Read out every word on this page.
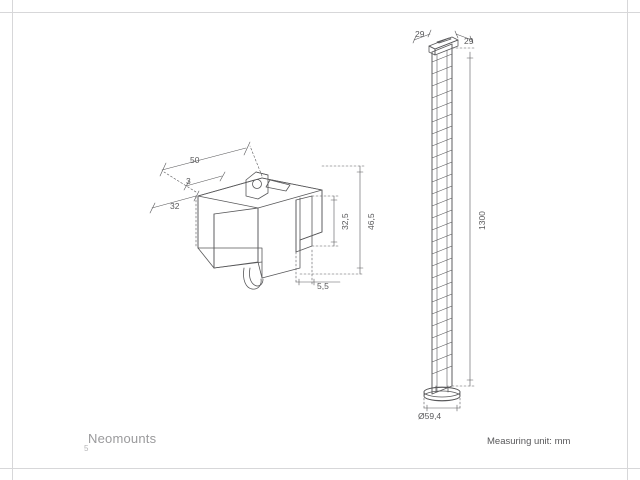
50
3
32
46,5
32,5
5,5
29
29
1300
Ø59,4
5
Neomounts	Measuring unit: mm
